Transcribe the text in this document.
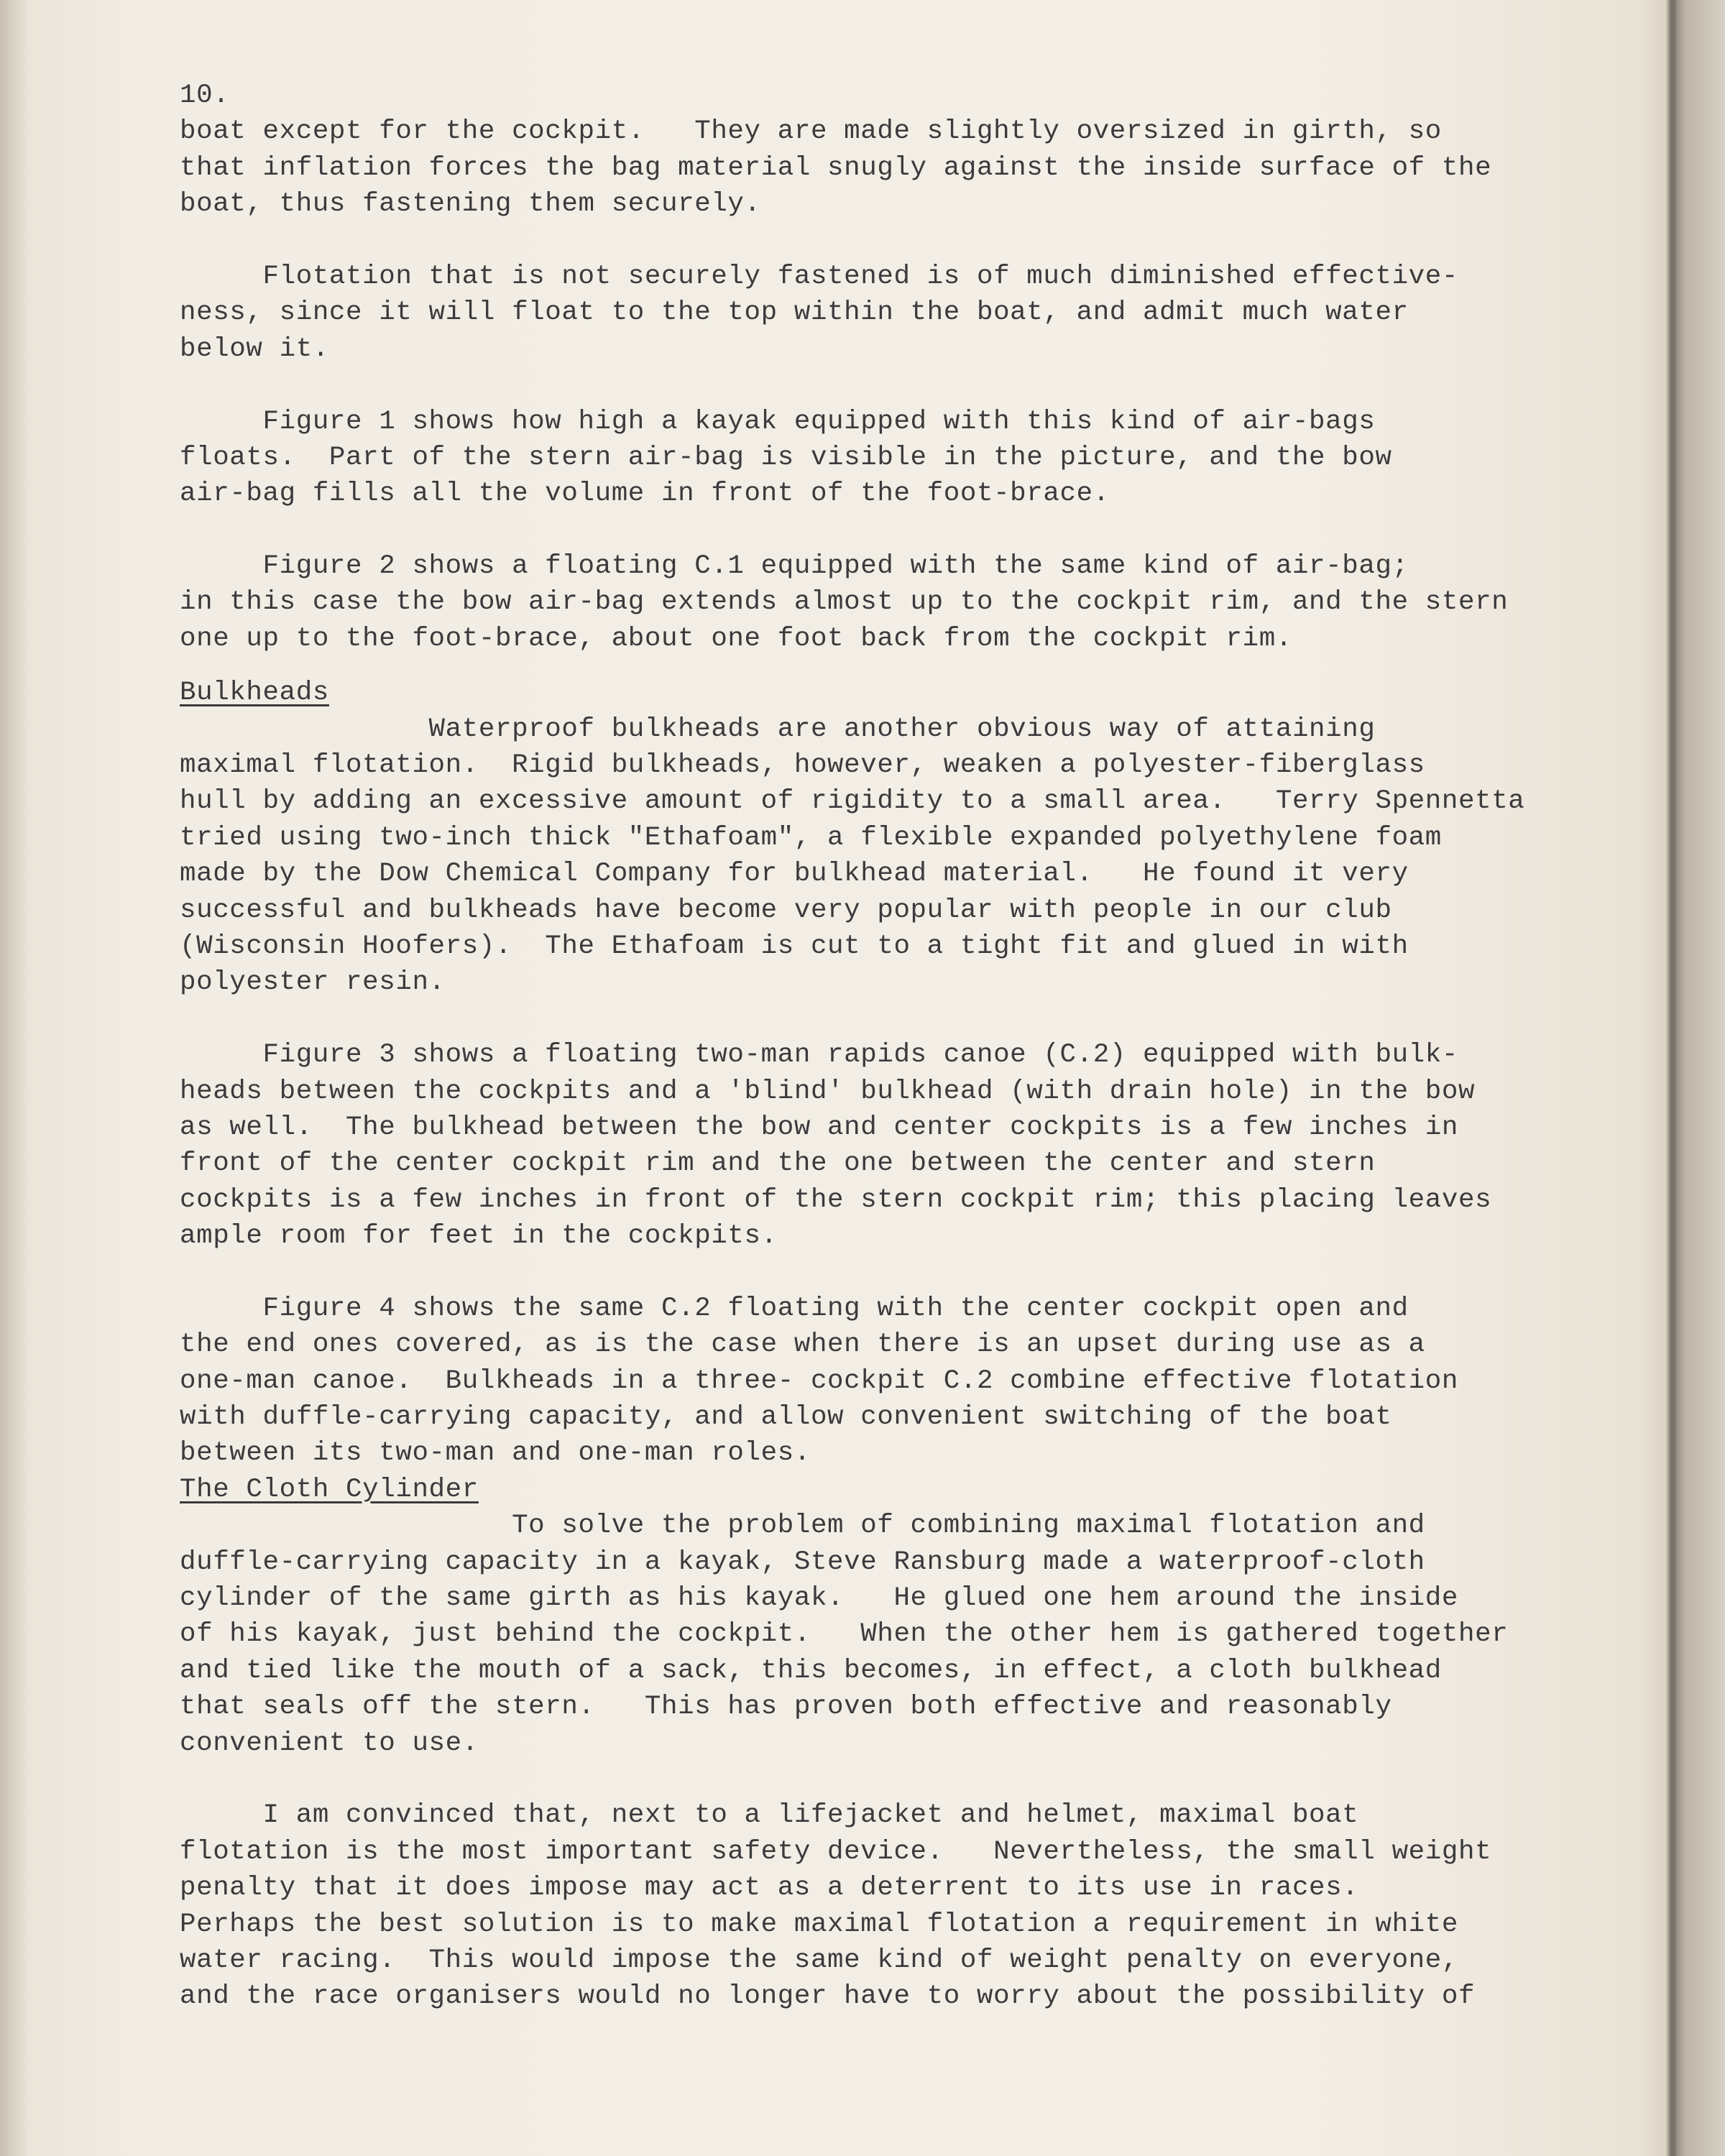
10.
boat except for the cockpit.   They are made slightly oversized in girth, so
that inflation forces the bag material snugly against the inside surface of the
boat, thus fastening them securely.
Flotation that is not securely fastened is of much diminished effective-
ness, since it will float to the top within the boat, and admit much water
below it.
Figure 1 shows how high a kayak equipped with this kind of air-bags
floats.  Part of the stern air-bag is visible in the picture, and the bow
air-bag fills all the volume in front of the foot-brace.
Figure 2 shows a floating C.1 equipped with the same kind of air-bag;
in this case the bow air-bag extends almost up to the cockpit rim, and the stern
one up to the foot-brace, about one foot back from the cockpit rim.
Bulkheads
Waterproof bulkheads are another obvious way of attaining
maximal flotation.  Rigid bulkheads, however, weaken a polyester-fiberglass
hull by adding an excessive amount of rigidity to a small area.   Terry Spennetta
tried using two-inch thick "Ethafoam", a flexible expanded polyethylene foam
made by the Dow Chemical Company for bulkhead material.   He found it very
successful and bulkheads have become very popular with people in our club
(Wisconsin Hoofers).  The Ethafoam is cut to a tight fit and glued in with
polyester resin.
Figure 3 shows a floating two-man rapids canoe (C.2) equipped with bulk-
heads between the cockpits and a 'blind' bulkhead (with drain hole) in the bow
as well.  The bulkhead between the bow and center cockpits is a few inches in
front of the center cockpit rim and the one between the center and stern
cockpits is a few inches in front of the stern cockpit rim; this placing leaves
ample room for feet in the cockpits.
Figure 4 shows the same C.2 floating with the center cockpit open and
the end ones covered, as is the case when there is an upset during use as a
one-man canoe.  Bulkheads in a three- cockpit C.2 combine effective flotation
with duffle-carrying capacity, and allow convenient switching of the boat
between its two-man and one-man roles.
The Cloth Cylinder
To solve the problem of combining maximal flotation and
duffle-carrying capacity in a kayak, Steve Ransburg made a waterproof-cloth
cylinder of the same girth as his kayak.   He glued one hem around the inside
of his kayak, just behind the cockpit.   When the other hem is gathered together
and tied like the mouth of a sack, this becomes, in effect, a cloth bulkhead
that seals off the stern.   This has proven both effective and reasonably
convenient to use.
I am convinced that, next to a lifejacket and helmet, maximal boat
flotation is the most important safety device.   Nevertheless, the small weight
penalty that it does impose may act as a deterrent to its use in races.
Perhaps the best solution is to make maximal flotation a requirement in white
water racing.  This would impose the same kind of weight penalty on everyone,
and the race organisers would no longer have to worry about the possibility of
